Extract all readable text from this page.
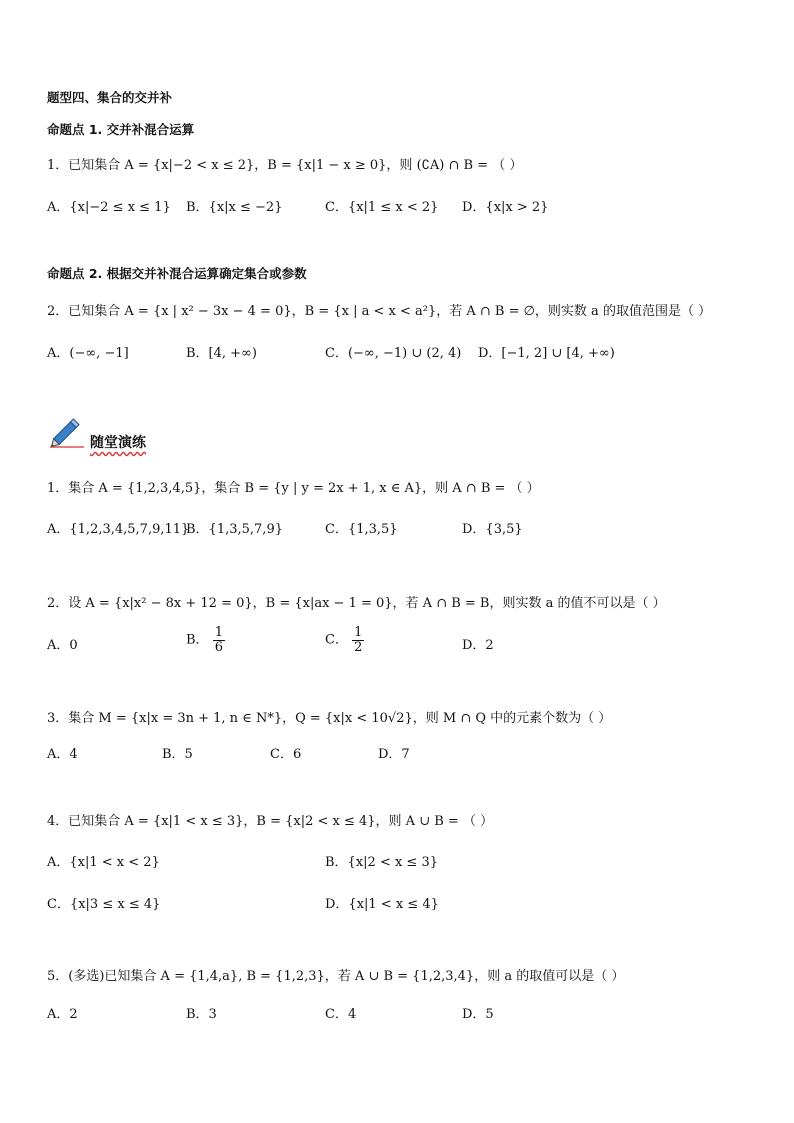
题型四、集合的交并补
命题点 1. 交并补混合运算
1．已知集合 A = {x|−2 < x ≤ 2}，B = {x|1 − x ≥ 0}，则 (∁A) ∩ B = （ ）
A．{x|−2 ≤ x ≤ 1} B．{x|x ≤ −2}	C．{x|1 ≤ x < 2} D．{x|x > 2}
命题点 2. 根据交并补混合运算确定集合或参数
2．已知集合 A = {x | x² − 3x − 4 = 0}，B = {x | a < x < a²}，若 A ∩ B = ∅，则实数 a 的取值范围是（ ）
A．(−∞, −1]	B．[4, +∞)	C．(−∞, −1) ∪ (2, 4) D．[−1, 2] ∪ [4, +∞)
随堂演练
1．集合 A = {1,2,3,4,5}，集合 B = {y | y = 2x + 1, x ∈ A}，则 A ∩ B = （ ）
A．{1,2,3,4,5,7,9,11}
B．{1,3,5,7,9}	C．{1,3,5}	D．{3,5}
2．设 A = {x|x² − 8x + 12 = 0}，B = {x|ax − 1 = 0}，若 A ∩ B = B，则实数 a 的值不可以是（ ）
A．0	B． $\frac{1}{6}$	C． $\frac{1}{2}$	D．2
3．集合 M = {x|x = 3n + 1, n ∈ N*}，Q = {x|x < 10√2}，则 M ∩ Q 中的元素个数为（ ）
A．4	B．5	C．6	D．7
4．已知集合 A = {x|1 < x ≤ 3}，B = {x|2 < x ≤ 4}，则 A ∪ B = （ ）
A．{x|1 < x < 2}	B．{x|2 < x ≤ 3}
C．{x|3 ≤ x ≤ 4}	D．{x|1 < x ≤ 4}
5．(多选)已知集合 A = {1,4,a}, B = {1,2,3}，若 A ∪ B = {1,2,3,4}，则 a 的取值可以是（ ）
A．2	B．3	C．4	D．5
